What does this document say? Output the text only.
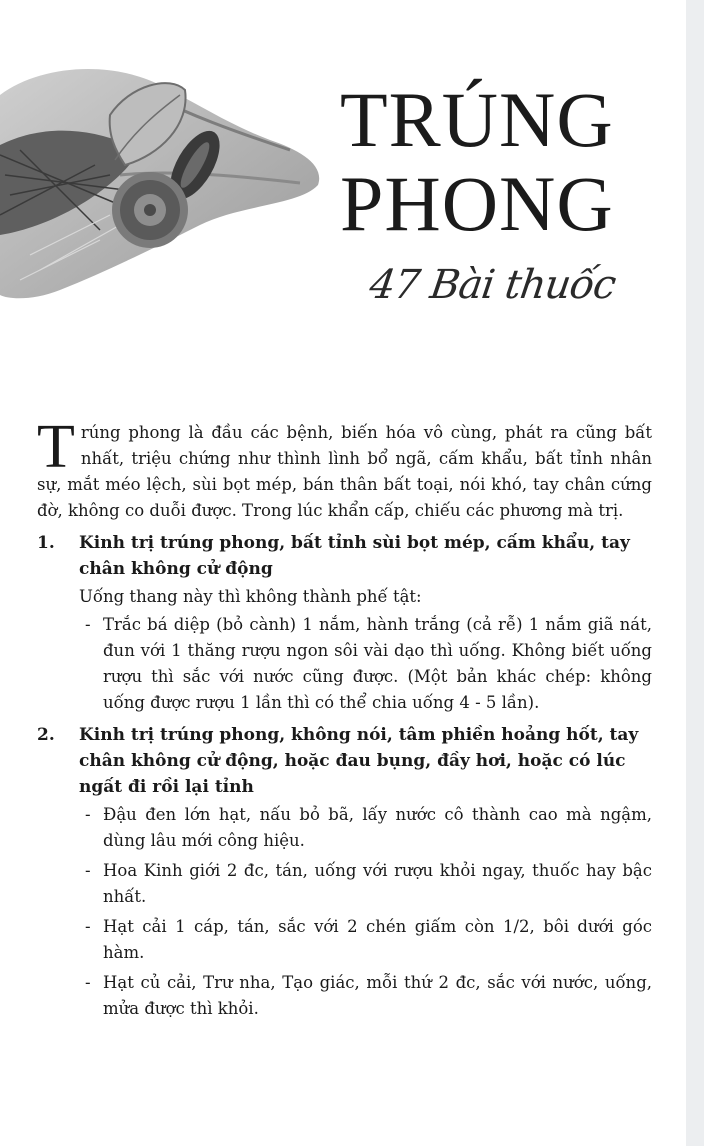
TRÚNG
PHONG
47 Bài thuốc

Trúng phong là đầu các bệnh, biến hóa vô cùng, phát ra cũng bất nhất, triệu chứng như thình lình bổ ngã, cấm khẩu, bất tỉnh nhân sự, mắt méo lệch, sùi bọt mép, bán thân bất toại, nói khó, tay chân cứng đờ, không co duỗi được. Trong lúc khẩn cấp, chiếu các phương mà trị.

1.	Kinh trị trúng phong, bất tỉnh sùi bọt mép, cấm khẩu, tay chân không cử động
Uống thang này thì không thành phế tật:
- Trắc bá diệp (bỏ cành) 1 nắm, hành trắng (cả rễ) 1 nắm giã nát, đun với 1 thăng rượu ngon sôi vài dạo thì uống. Không biết uống rượu thì sắc với nước cũng được. (Một bản khác chép: không uống được rượu 1 lần thì có thể chia uống 4 - 5 lần).
2.	Kinh trị trúng phong, không nói, tâm phiền hoảng hốt, tay chân không cử động, hoặc đau bụng, đầy hơi, hoặc có lúc ngất đi rồi lại tỉnh
- Đậu đen lớn hạt, nấu bỏ bã, lấy nước cô thành cao mà ngậm, dùng lâu mới công hiệu.
- Hoa Kinh giới 2 đc, tán, uống với rượu khỏi ngay, thuốc hay bậc nhất.
- Hạt cải 1 cáp, tán, sắc với 2 chén giấm còn 1/2, bôi dưới góc hàm.
- Hạt củ cải, Trư nha, Tạo giác, mỗi thứ 2 đc, sắc với nước, uống, mửa được thì khỏi.
